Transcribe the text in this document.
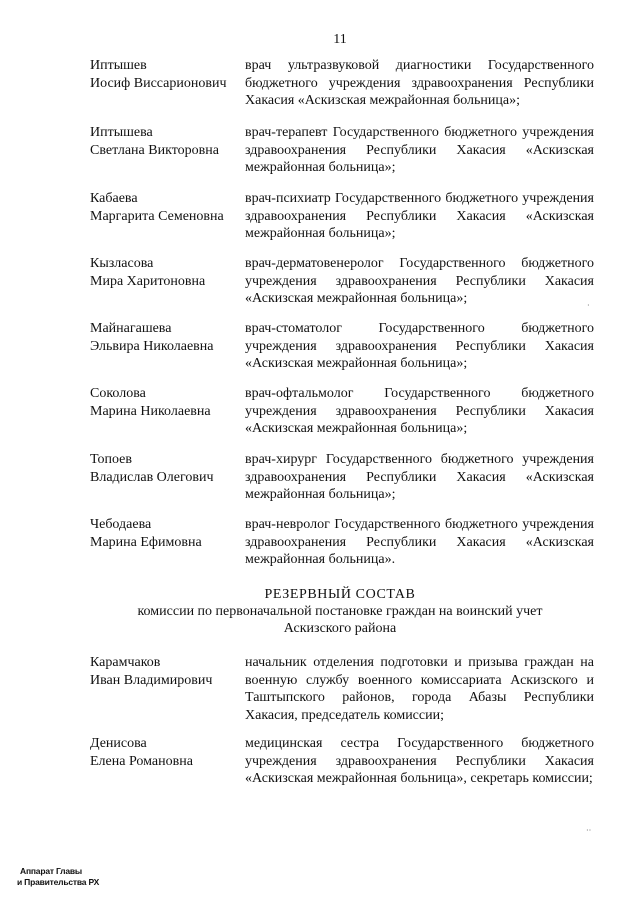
11
Иптышев
Иосиф Виссарионович
врач ультразвуковой диагностики Государственного бюджетного учреждения здравоохранения Республики Хакасия «Аскизская межрайонная больница»;
Иптышева
Светлана Викторовна
врач-терапевт Государственного бюджетного учреждения здравоохранения Республики Хакасия «Аскизская межрайонная больница»;
Кабаева
Маргарита Семеновна
врач-психиатр Государственного бюджетного учреждения здравоохранения Республики Хакасия «Аскизская межрайонная больница»;
Кызласова
Мира Харитоновна
врач-дерматовенеролог Государственного бюджетного учреждения здравоохранения Республики Хакасия «Аскизская межрайонная больница»;
Майнагашева
Эльвира Николаевна
врач-стоматолог Государственного бюджетного учреждения здравоохранения Республики Хакасия «Аскизская межрайонная больница»;
Соколова
Марина Николаевна
врач-офтальмолог Государственного бюджетного учреждения здравоохранения Республики Хакасия «Аскизская межрайонная больница»;
Топоев
Владислав Олегович
врач-хирург Государственного бюджетного учреждения здравоохранения Республики Хакасия «Аскизская межрайонная больница»;
Чебодаева
Марина Ефимовна
врач-невролог Государственного бюджетного учреждения здравоохранения Республики Хакасия «Аскизская межрайонная больница».
РЕЗЕРВНЫЙ СОСТАВ
комиссии по первоначальной постановке граждан на воинский учет
Аскизского района
Карамчаков
Иван Владимирович
начальник отделения подготовки и призыва граждан на военную службу военного комиссариата Аскизского и Таштыпского районов, города Абазы Республики Хакасия, председатель комиссии;
Денисова
Елена Романовна
медицинская сестра Государственного бюджетного учреждения здравоохранения Республики Хакасия «Аскизская межрайонная больница», секретарь комиссии;
·
··
Аппарат Главы
и Правительства РХ
